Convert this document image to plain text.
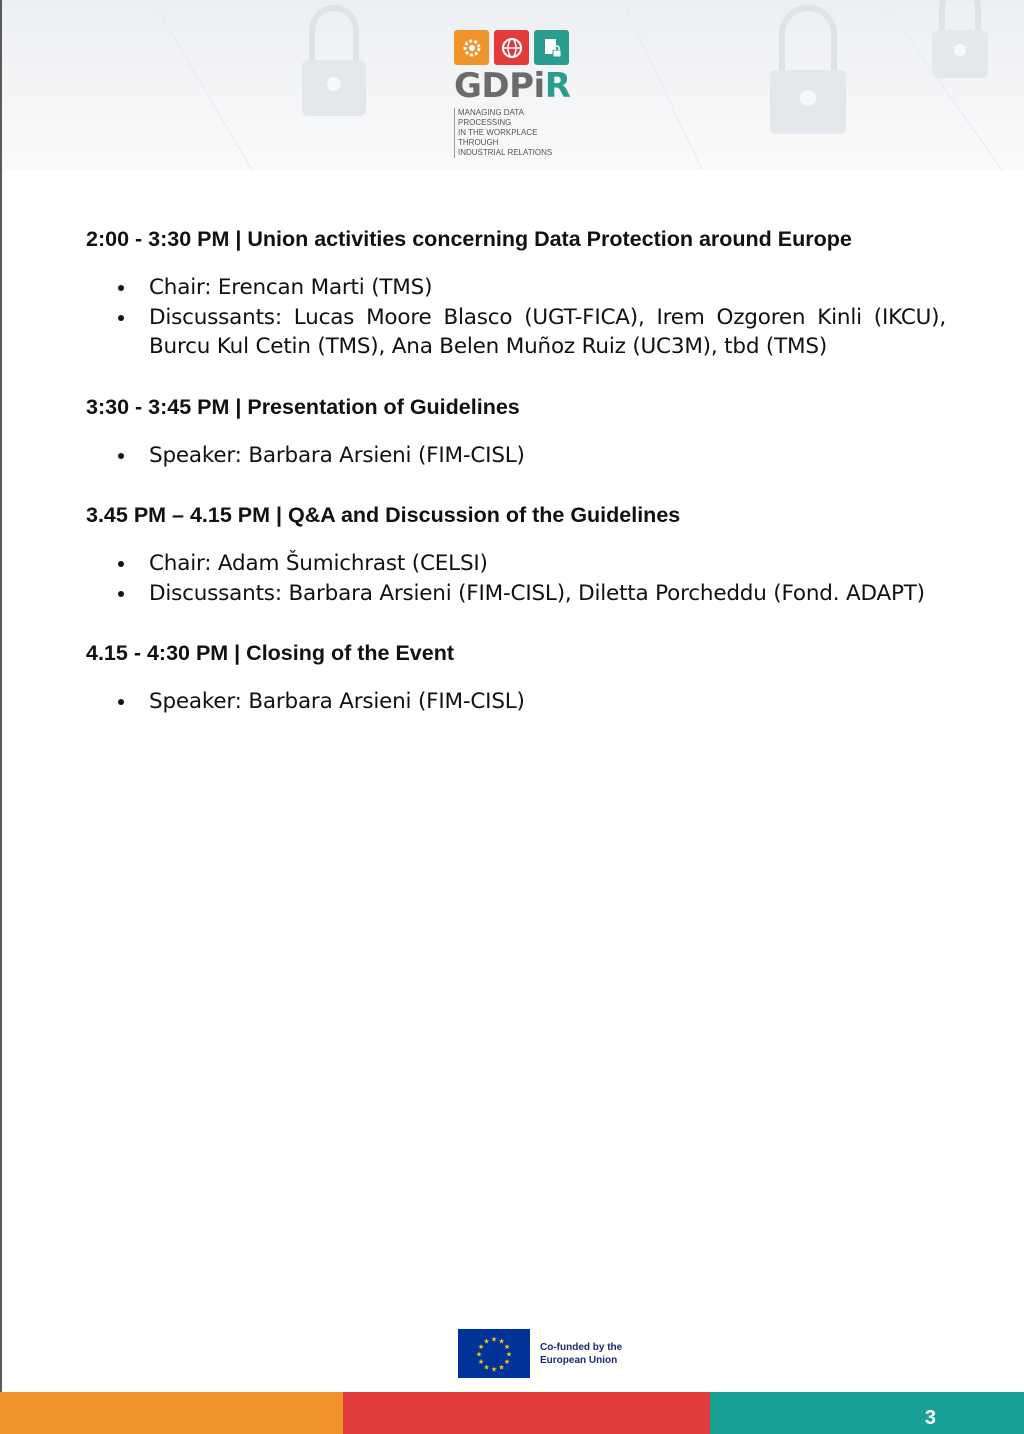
GDPiR
MANAGING DATA PROCESSING
IN THE WORKPLACE THROUGH
INDUSTRIAL RELATIONS
2:00 - 3:30 PM | Union activities concerning Data Protection around Europe
Chair: Erencan Marti (TMS)
Discussants: Lucas Moore Blasco (UGT-FICA), Irem Ozgoren Kinli (IKCU), Burcu Kul Cetin (TMS), Ana Belen Muñoz Ruiz (UC3M), tbd (TMS)
3:30 - 3:45 PM | Presentation of Guidelines
Speaker: Barbara Arsieni (FIM-CISL)
3.45 PM – 4.15 PM | Q&A and Discussion of the Guidelines
Chair: Adam Šumichrast (CELSI)
Discussants: Barbara Arsieni (FIM-CISL), Diletta Porcheddu (Fond. ADAPT)
4.15 - 4:30 PM | Closing of the Event
Speaker: Barbara Arsieni (FIM-CISL)
★
★
★
★
★
★
★
★
★ ★ ★
★	Co-funded by the
European Union
3
